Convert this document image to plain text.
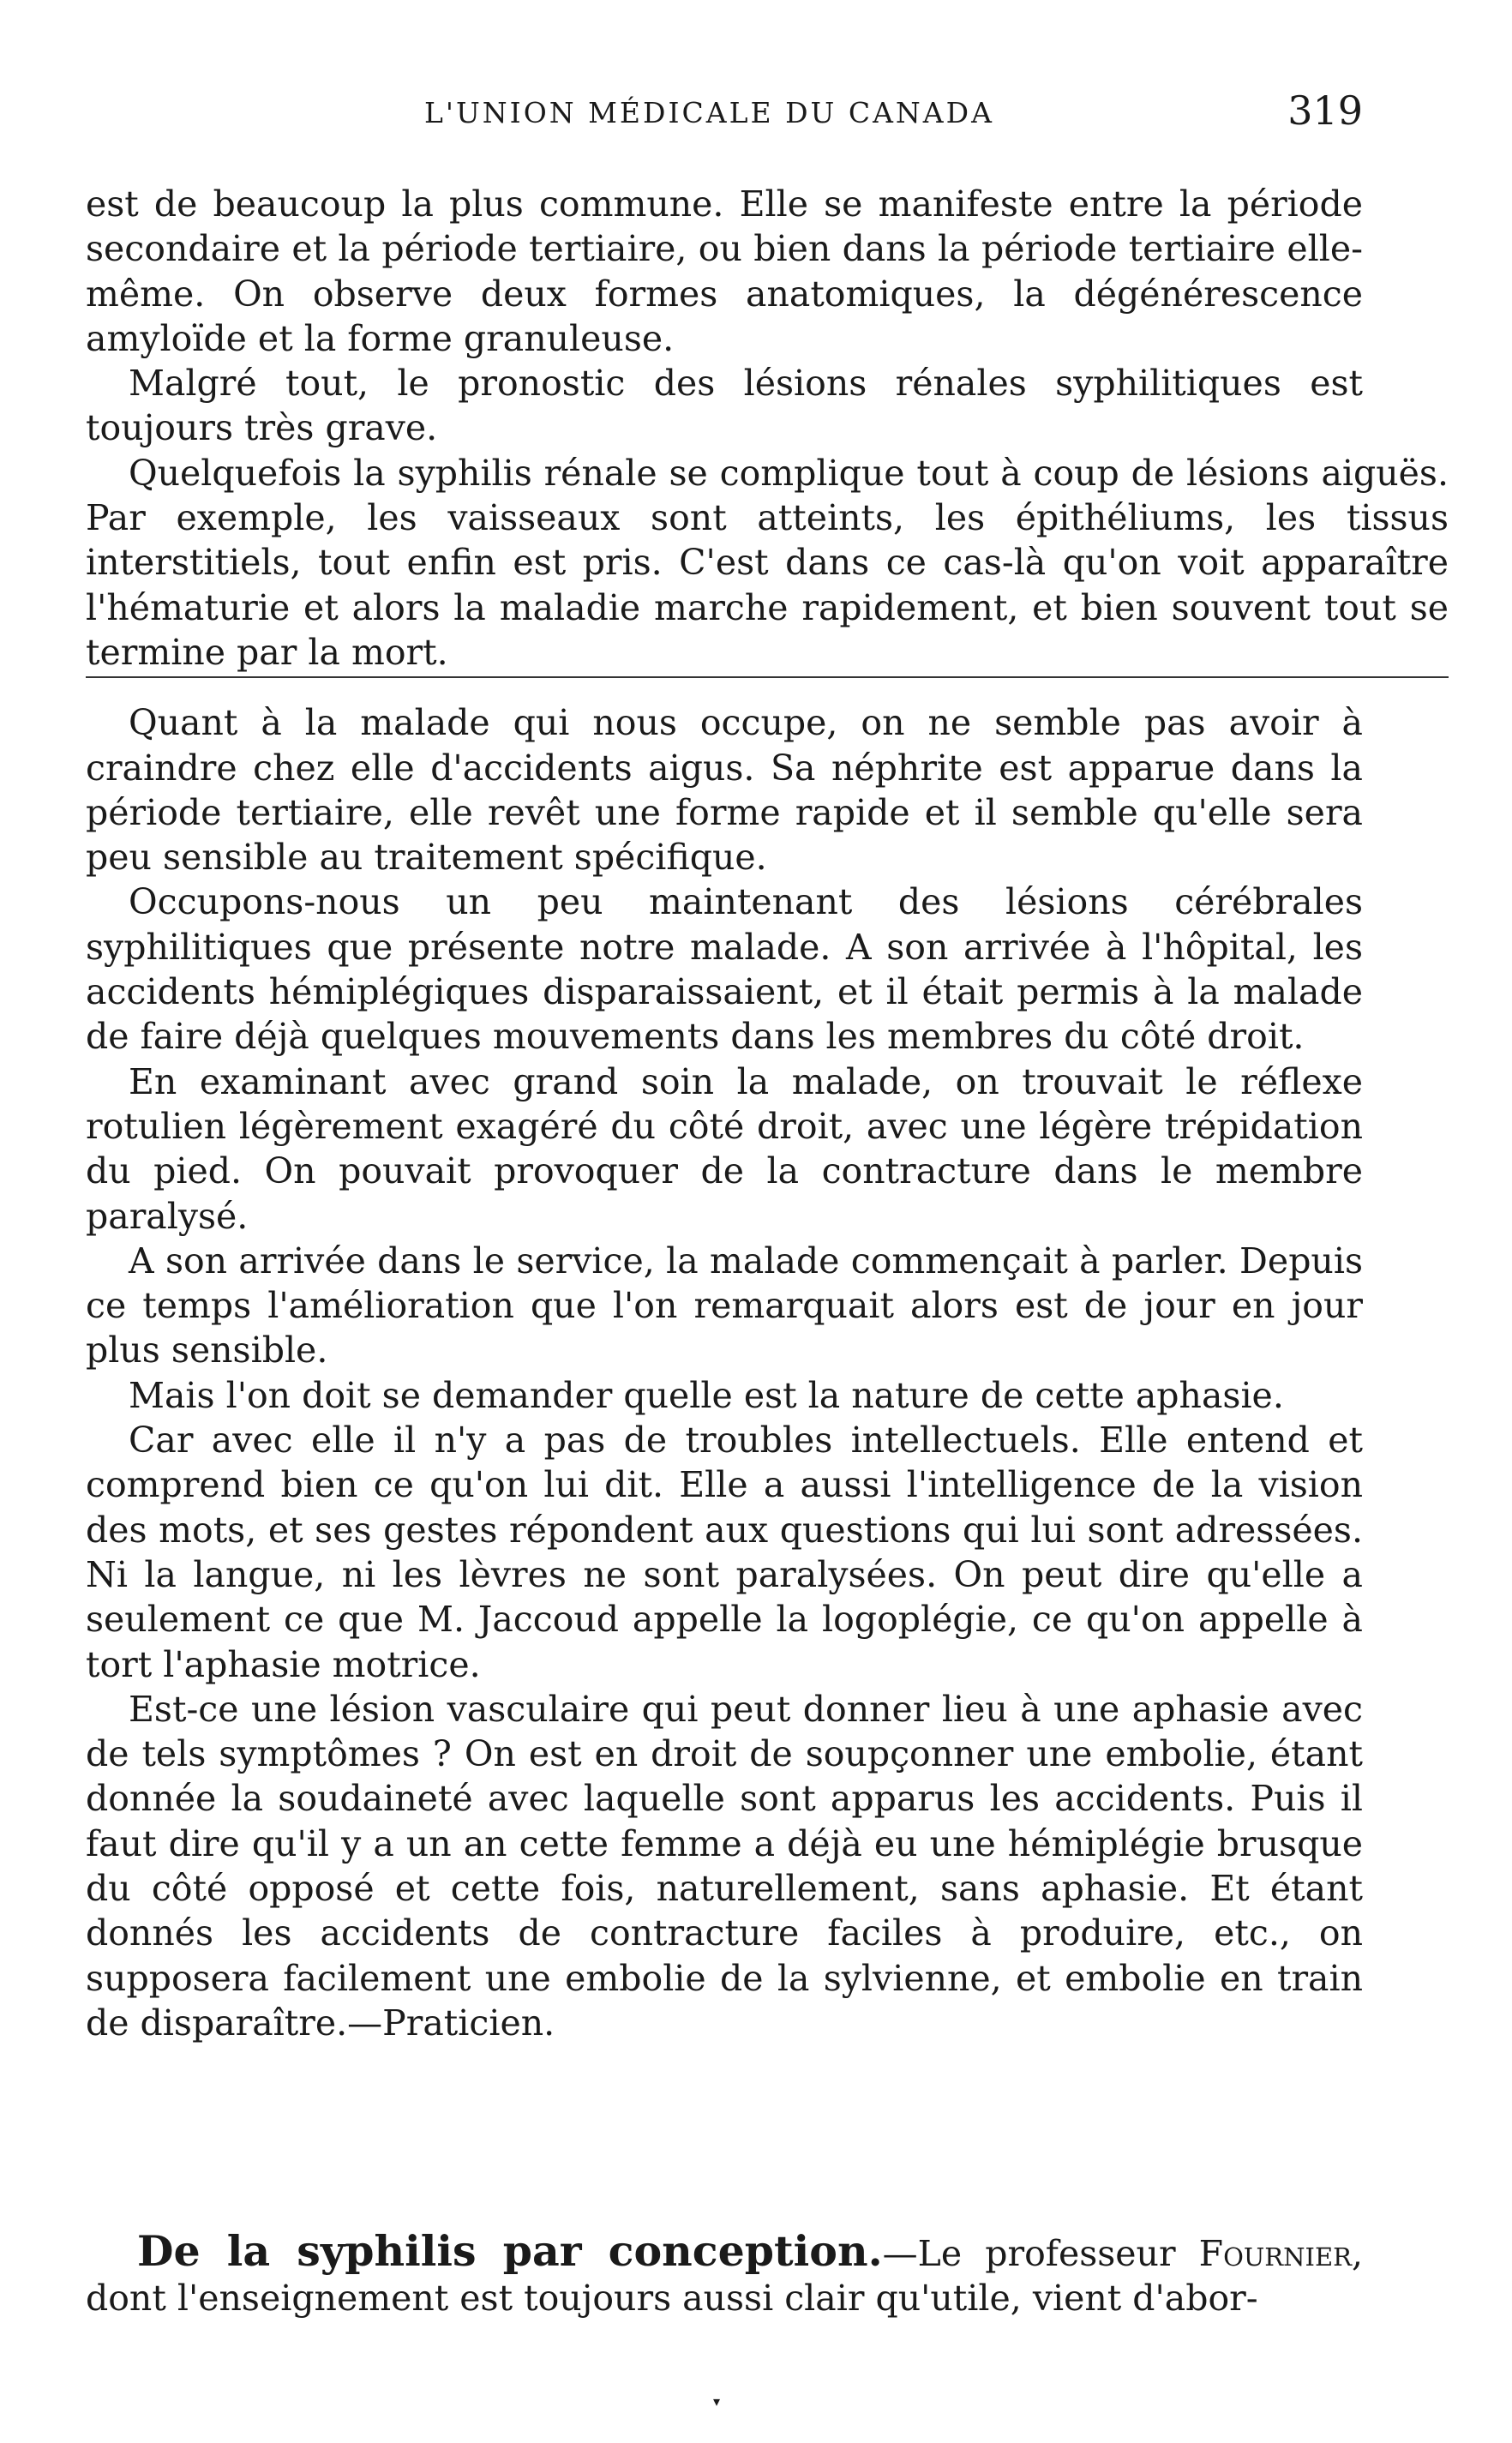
L'UNION MÉDICALE DU CANADA	319

est de beaucoup la plus commune. Elle se manifeste entre la période secondaire et la période tertiaire, ou bien dans la période tertiaire elle-même. On observe deux formes anatomiques, la dégénérescence amyloïde et la forme granuleuse.

Malgré tout, le pronostic des lésions rénales syphilitiques est toujours très grave.

Quelquefois la syphilis rénale se complique tout à coup de lésions aiguës. Par exemple, les vaisseaux sont atteints, les épithéliums, les tissus interstitiels, tout enfin est pris. C'est dans ce cas-là qu'on voit apparaître l'hématurie et alors la maladie marche rapidement, et bien souvent tout se termine par la mort.

Quant à la malade qui nous occupe, on ne semble pas avoir à craindre chez elle d'accidents aigus. Sa néphrite est apparue dans la période tertiaire, elle revêt une forme rapide et il semble qu'elle sera peu sensible au traitement spécifique.

Occupons-nous un peu maintenant des lésions cérébrales syphilitiques que présente notre malade. A son arrivée à l'hôpital, les accidents hémiplégiques disparaissaient, et il était permis à la malade de faire déjà quelques mouvements dans les membres du côté droit.

En examinant avec grand soin la malade, on trouvait le réflexe rotulien légèrement exagéré du côté droit, avec une légère trépidation du pied. On pouvait provoquer de la contracture dans le membre paralysé.

A son arrivée dans le service, la malade commençait à parler. Depuis ce temps l'amélioration que l'on remarquait alors est de jour en jour plus sensible.

Mais l'on doit se demander quelle est la nature de cette aphasie.

Car avec elle il n'y a pas de troubles intellectuels. Elle entend et comprend bien ce qu'on lui dit. Elle a aussi l'intelligence de la vision des mots, et ses gestes répondent aux questions qui lui sont adressées. Ni la langue, ni les lèvres ne sont paralysées. On peut dire qu'elle a seulement ce que M. Jaccoud appelle la logoplégie, ce qu'on appelle à tort l'aphasie motrice.

Est-ce une lésion vasculaire qui peut donner lieu à une aphasie avec de tels symptômes ? On est en droit de soupçonner une embolie, étant donnée la soudaineté avec laquelle sont apparus les accidents. Puis il faut dire qu'il y a un an cette femme a déjà eu une hémiplégie brusque du côté opposé et cette fois, naturellement, sans aphasie. Et étant donnés les accidents de contracture faciles à produire, etc., on supposera facilement une embolie de la sylvienne, et embolie en train de disparaître.—Praticien.

De la syphilis par conception.—Le professeur Fournier, dont l'enseignement est toujours aussi clair qu'utile, vient d'abor-
▾
